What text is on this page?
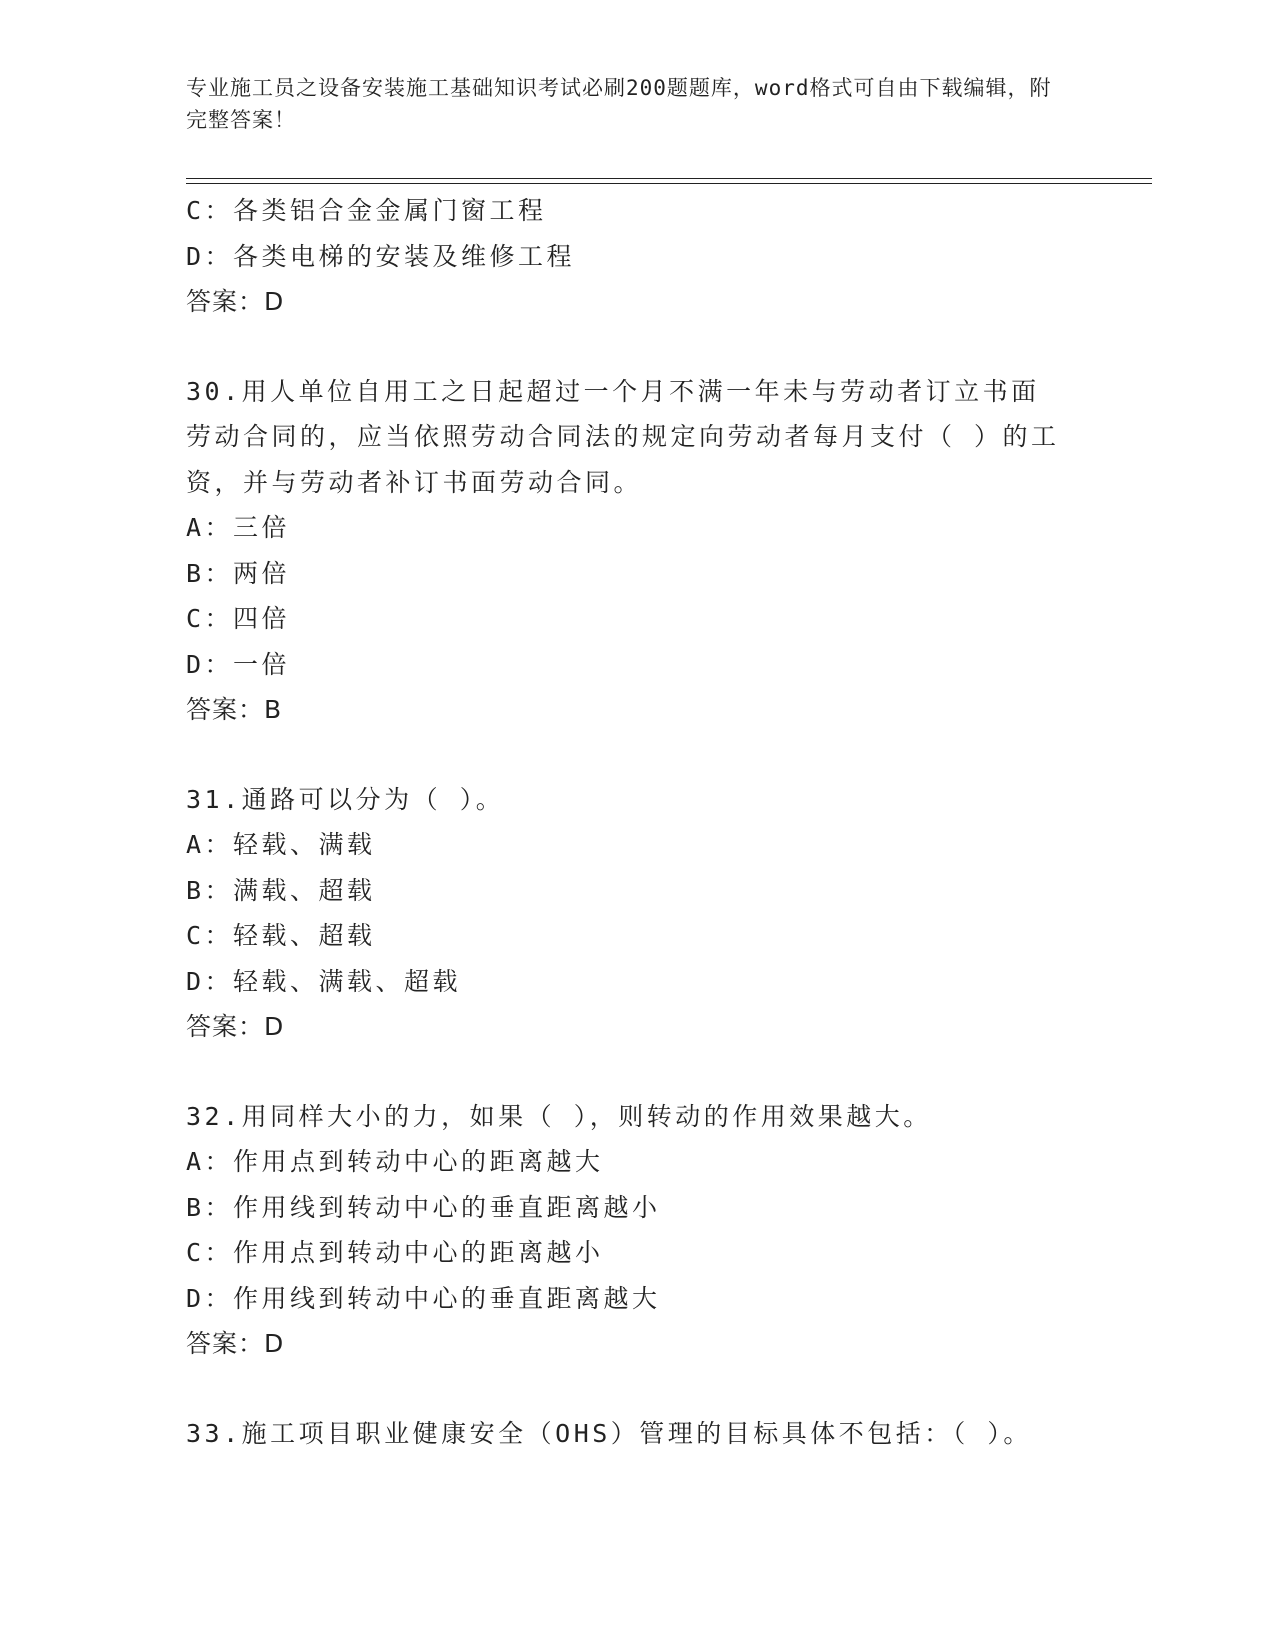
专业施工员之设备安装施工基础知识考试必刷200题题库，word格式可自由下载编辑，附完整答案！
C：各类铝合金金属门窗工程
D：各类电梯的安装及维修工程
答案：D
30.用人单位自用工之日起超过一个月不满一年未与劳动者订立书面劳动合同的，应当依照劳动合同法的规定向劳动者每月支付（ ）的工资，并与劳动者补订书面劳动合同。
A：三倍
B：两倍
C：四倍
D：一倍
答案：B
31.通路可以分为（ ）。
A：轻载、满载
B：满载、超载
C：轻载、超载
D：轻载、满载、超载
答案：D
32.用同样大小的力，如果（ ），则转动的作用效果越大。
A：作用点到转动中心的距离越大
B：作用线到转动中心的垂直距离越小
C：作用点到转动中心的距离越小
D：作用线到转动中心的垂直距离越大
答案：D
33.施工项目职业健康安全（OHS）管理的目标具体不包括：（ ）。
